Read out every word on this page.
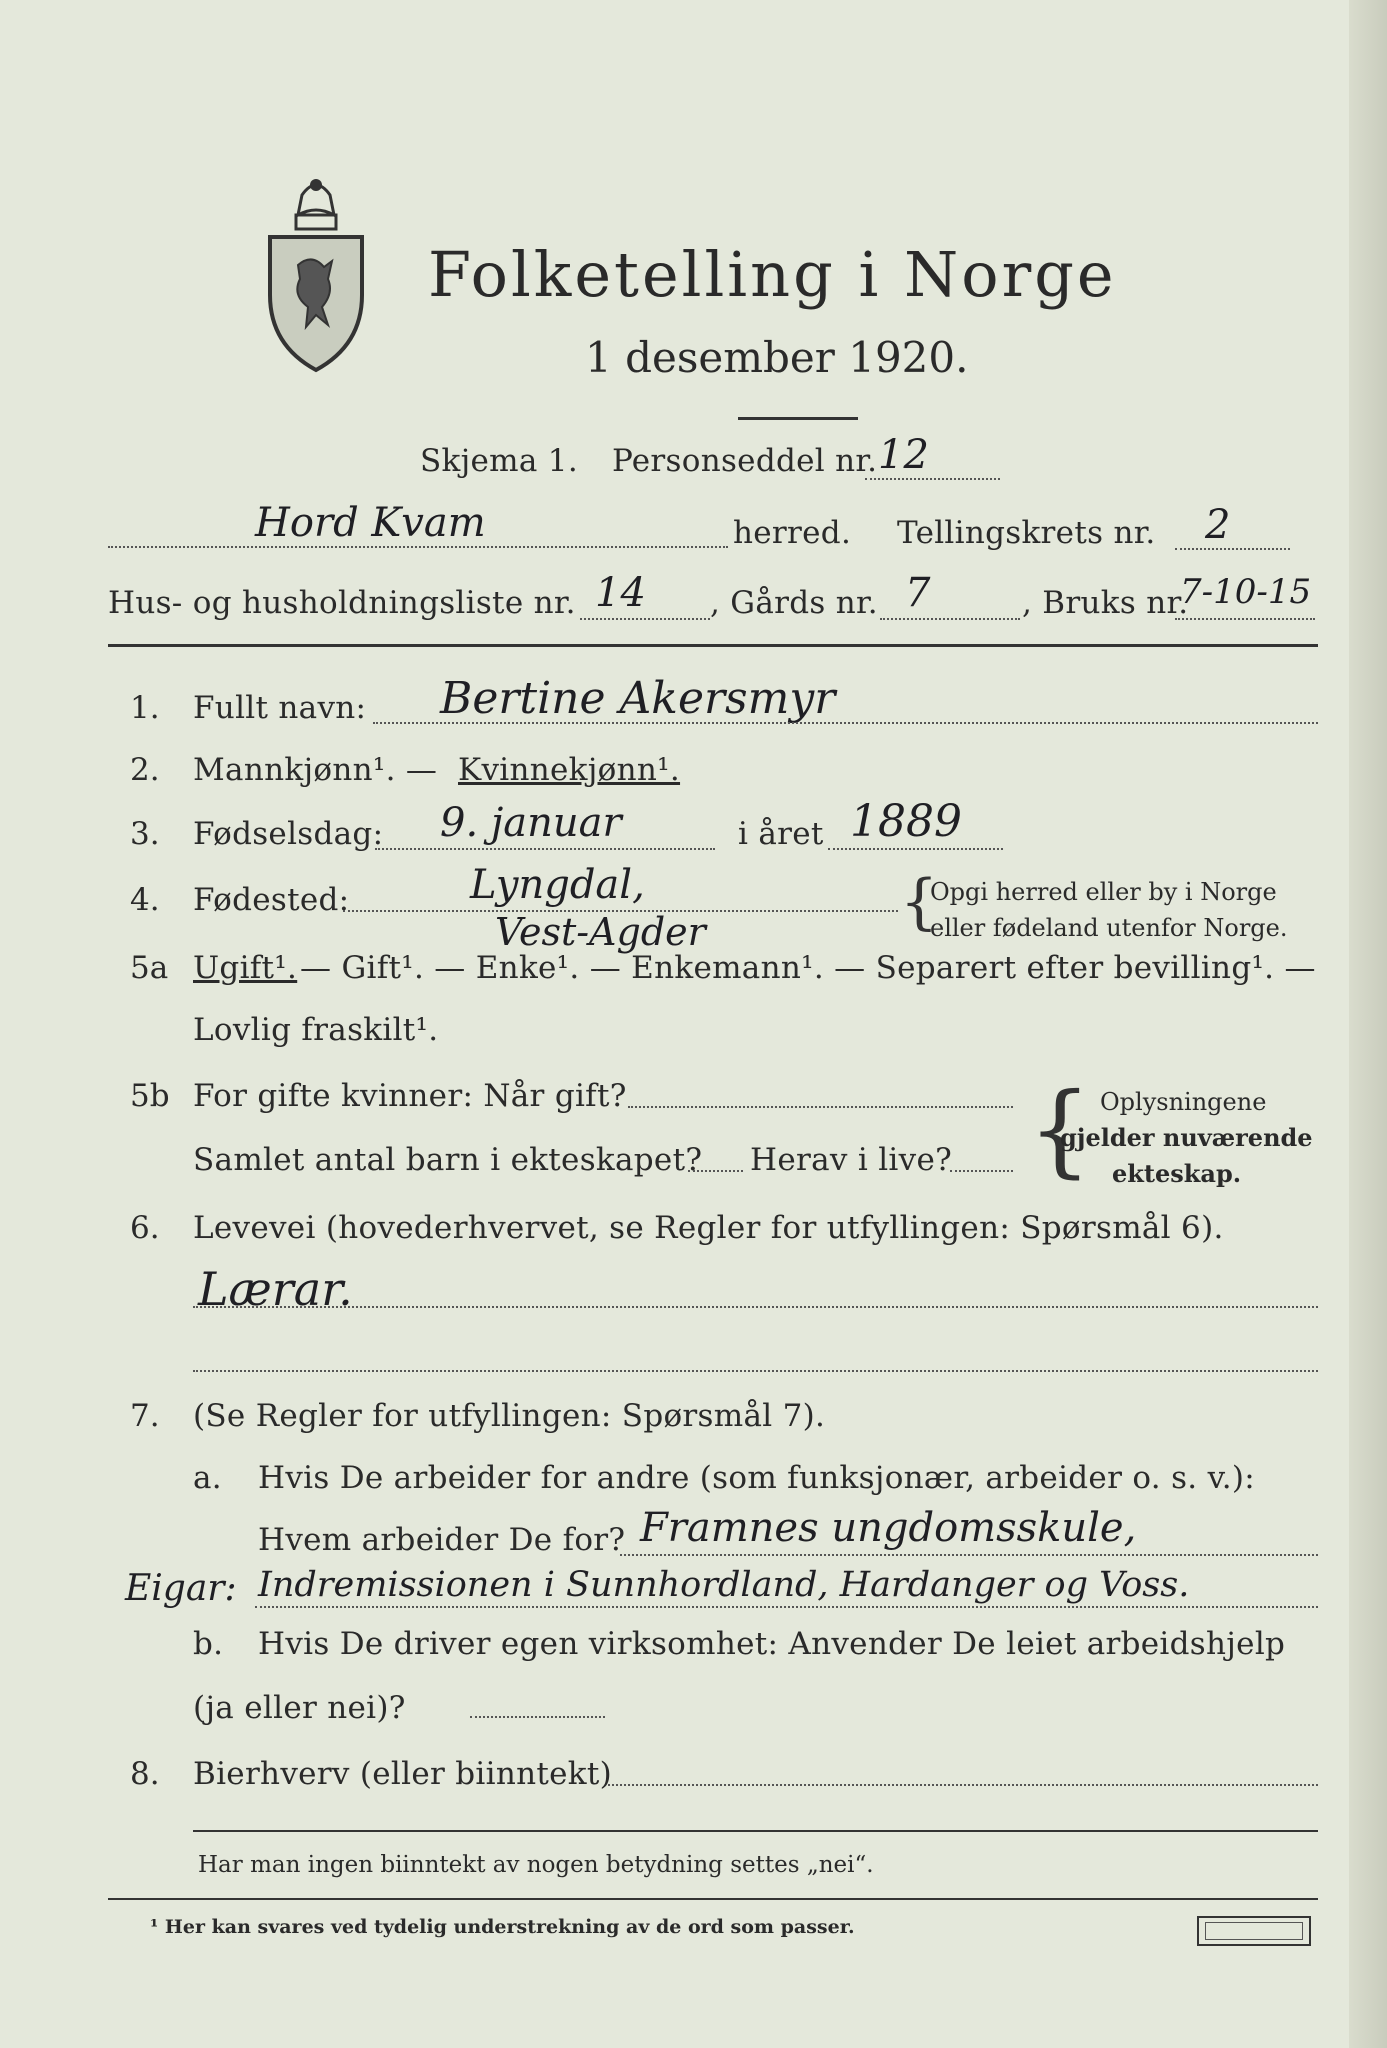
Folketelling i Norge
1 desember 1920.
Skjema 1. Personseddel nr. 12
Hord Kvam	herred. Tellingskrets nr. 2
Hus- og husholdningsliste nr. 14 , Gårds nr. 7	, Bruks nr.
7-10-15
1. Fullt navn: Bertine Akersmyr
2. Mannkjønn¹. — Kvinnekjønn¹.
3. Fødselsdag: 9. januar	i året 1889
4. Fødested:	Lyngdal,
Vest-Agder	{
Opgi herred eller by i Norge
eller fødeland utenfor Norge.
5a Ugift¹. — Gift¹. — Enke¹. — Enkemann¹. — Separert efter bevilling¹. —
Lovlig fraskilt¹.
5b For gifte kvinner: Når gift?
Samlet antal barn i ekteskapet? Herav i live? { Oplysningene
gjelder nuværende
ekteskap.
6. Levevei (hovederhvervet, se Regler for utfyllingen: Spørsmål 6).
Lærar.
7. (Se Regler for utfyllingen: Spørsmål 7).
a. Hvis De arbeider for andre (som funksjonær, arbeider o. s. v.):
Hvem arbeider De for? Framnes ungdomsskule,
Eigar: Indremissionen i Sunnhordland, Hardanger og Voss.
b. Hvis De driver egen virksomhet: Anvender De leiet arbeidshjelp
(ja eller nei)?
8. Bierhverv (eller biinntekt)
Har man ingen biinntekt av nogen betydning settes „nei“.
¹ Her kan svares ved tydelig understrekning av de ord som passer.
